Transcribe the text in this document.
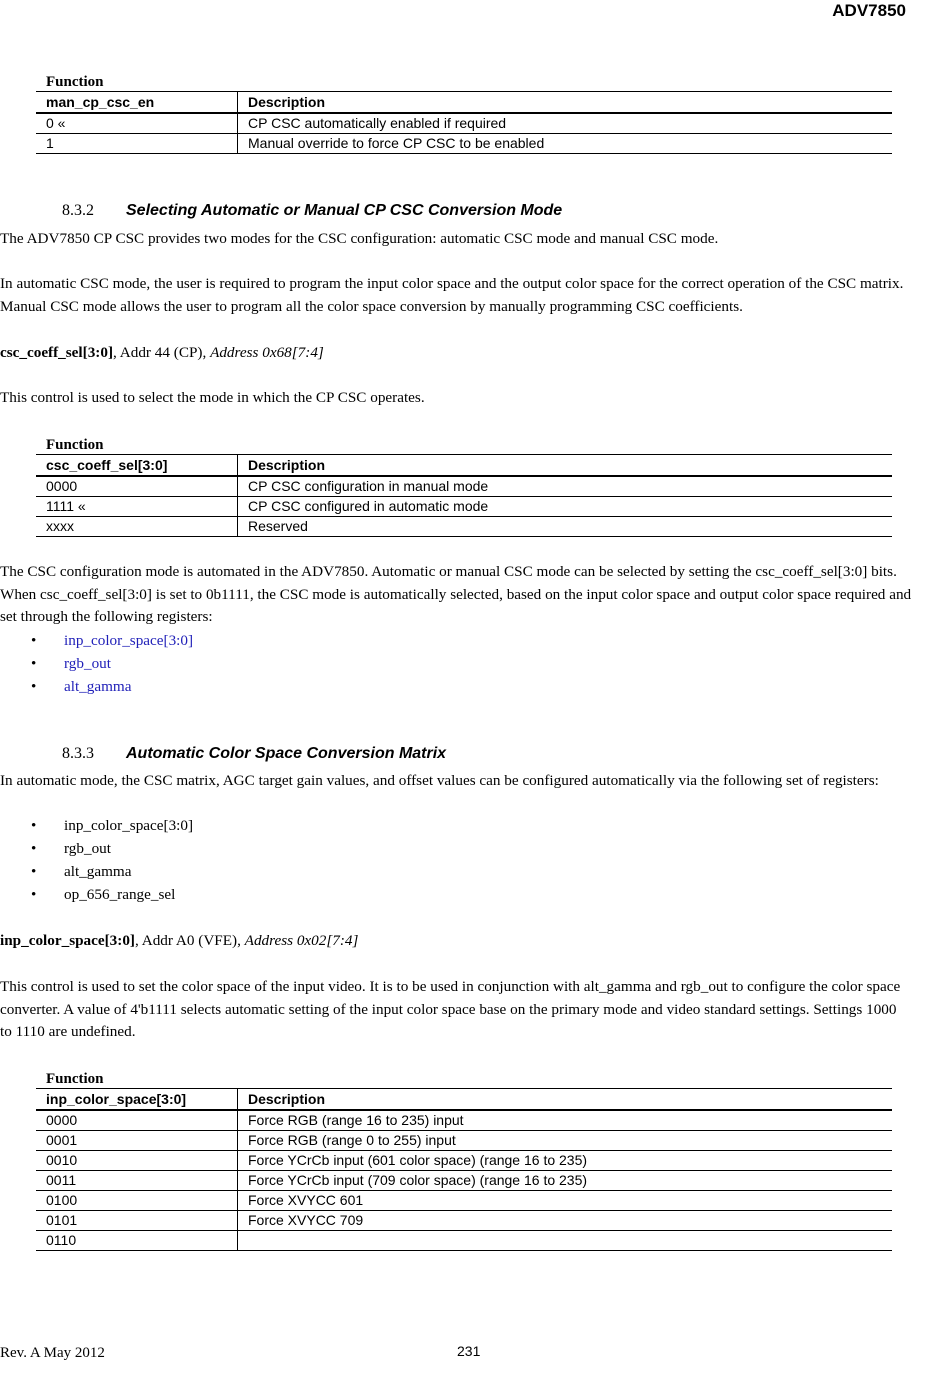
ADV7850
Function
man_cp_csc_en	Description
0 «	CP CSC automatically enabled if required
1	Manual override to force CP CSC to be enabled
8.3.2 Selecting Automatic or Manual CP CSC Conversion Mode

The ADV7850 CP CSC provides two modes for the CSC configuration: automatic CSC mode and manual CSC mode.

In automatic CSC mode, the user is required to program the input color space and the output color space for the correct operation of the CSC matrix. Manual CSC mode allows the user to program all the color space conversion by manually programming CSC coefficients.

csc_coeff_sel[3:0], Addr 44 (CP), Address 0x68[7:4]

This control is used to select the mode in which the CP CSC operates.

Function
csc_coeff_sel[3:0]	Description
0000	CP CSC configuration in manual mode
1111 «	CP CSC configured in automatic mode
xxxx	Reserved

The CSC configuration mode is automated in the ADV7850. Automatic or manual CSC mode can be selected by setting the csc_coeff_sel[3:0] bits. When csc_coeff_sel[3:0] is set to 0b1111, the CSC mode is automatically selected, based on the input color space and output color space required and set through the following registers:

• inp_color_space[3:0]
• rgb_out
• alt_gamma
8.3.3 Automatic Color Space Conversion Matrix

In automatic mode, the CSC matrix, AGC target gain values, and offset values can be configured automatically via the following set of registers:

• inp_color_space[3:0]
• rgb_out
• alt_gamma
• op_656_range_sel

inp_color_space[3:0], Addr A0 (VFE), Address 0x02[7:4]

This control is used to set the color space of the input video. It is to be used in conjunction with alt_gamma and rgb_out to configure the color space converter. A value of 4'b1111 selects automatic setting of the input color space base on the primary mode and video standard settings. Settings 1000 to 1110 are undefined.

Function
inp_color_space[3:0]	Description
0000	Force RGB (range 16 to 235) input
0001	Force RGB (range 0 to 255) input
0010	Force YCrCb input (601 color space) (range 16 to 235)
0011	Force YCrCb input (709 color space) (range 16 to 235)
0100	Force XVYCC 601
0101	Force XVYCC 709
0110	
Rev. A May 2012	231
